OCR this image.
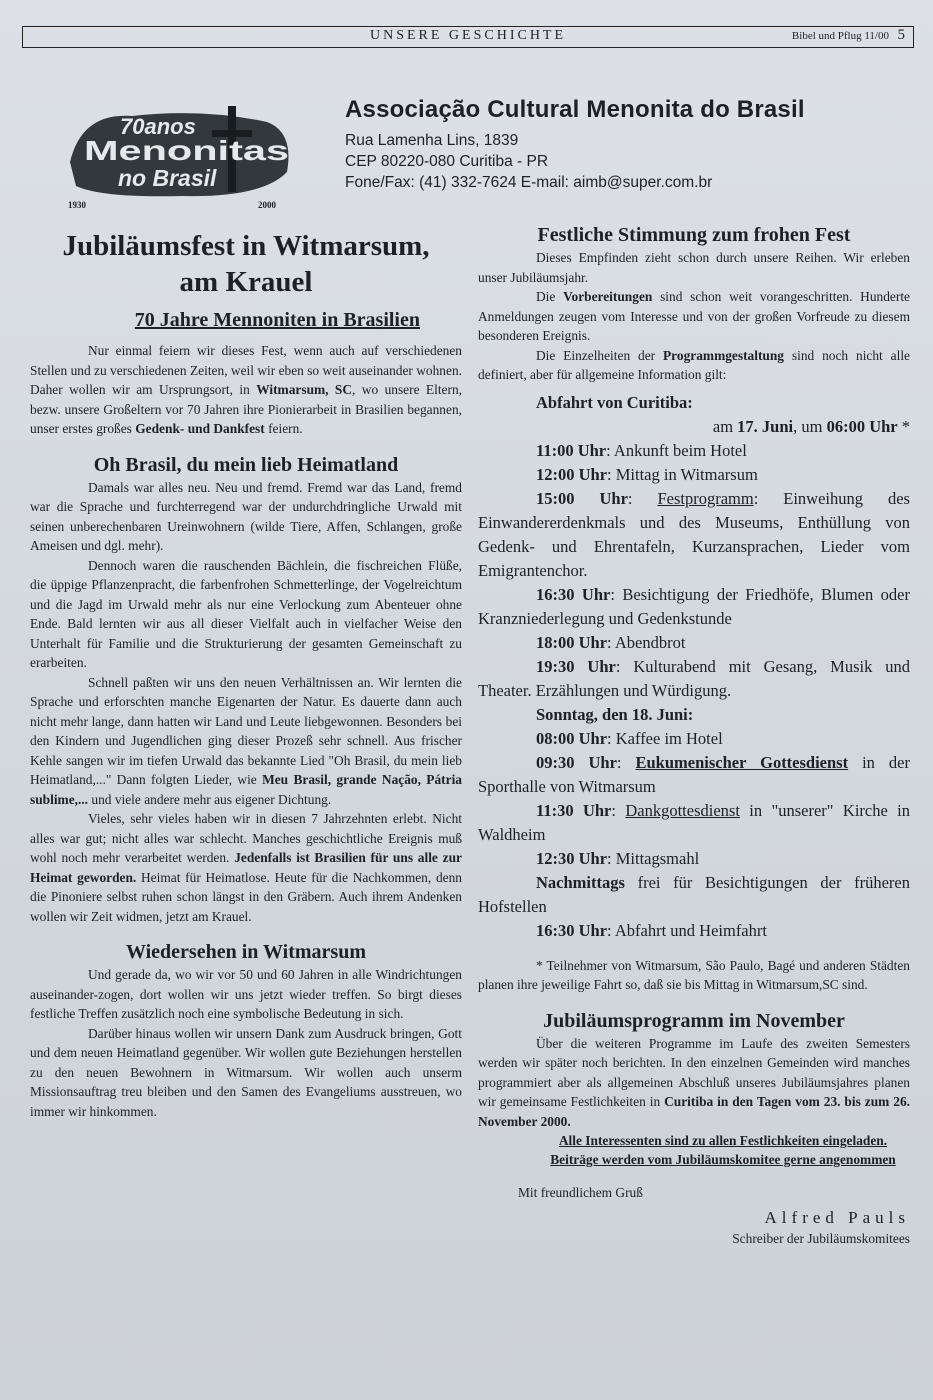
UNSERE GESCHICHTE	Bibel und Pflug 11/00 5
70anos
Menonitas
no Brasil
1930	2000
Associação Cultural Menonita do Brasil
Rua Lamenha Lins, 1839
CEP 80220-080 Curitiba - PR
Fone/Fax: (41) 332-7624 E-mail: aimb@super.com.br
Jubiläumsfest in Witmarsum,
am Krauel
70 Jahre Mennoniten in Brasilien

Nur einmal feiern wir dieses Fest, wenn auch auf verschiedenen Stellen und zu verschiedenen Zeiten, weil wir eben so weit auseinander wohnen. Daher wollen wir am Ursprungsort, in Witmarsum, SC, wo unsere Eltern, bezw. unsere Großeltern vor 70 Jahren ihre Pionierarbeit in Brasilien begannen, unser erstes großes Gedenk- und Dankfest feiern.

Oh Brasil, du mein lieb Heimatland

Damals war alles neu. Neu und fremd. Fremd war das Land, fremd war die Sprache und furchterregend war der undurchdringliche Urwald mit seinen unberechenbaren Ureinwohnern (wilde Tiere, Affen, Schlangen, große Ameisen und dgl. mehr).

Dennoch waren die rauschenden Bächlein, die fischreichen Flüße, die üppige Pflanzenpracht, die farbenfrohen Schmetterlinge, der Vogelreichtum und die Jagd im Urwald mehr als nur eine Verlockung zum Abenteuer ohne Ende. Bald lernten wir aus all dieser Vielfalt auch in vielfacher Weise den Unterhalt für Familie und die Strukturierung der gesamten Gemeinschaft zu erarbeiten.

Schnell paßten wir uns den neuen Verhältnissen an. Wir lernten die Sprache und erforschten manche Eigenarten der Natur. Es dauerte dann auch nicht mehr lange, dann hatten wir Land und Leute liebgewonnen. Besonders bei den Kindern und Jugendlichen ging dieser Prozeß sehr schnell. Aus frischer Kehle sangen wir im tiefen Urwald das bekannte Lied "Oh Brasil, du mein lieb Heimatland,..." Dann folgten Lieder, wie Meu Brasil, grande Nação, Pátria sublime,... und viele andere mehr aus eigener Dichtung.

Vieles, sehr vieles haben wir in diesen 7 Jahrzehnten erlebt. Nicht alles war gut; nicht alles war schlecht. Manches geschichtliche Ereignis muß wohl noch mehr verarbeitet werden. Jedenfalls ist Brasilien für uns alle zur Heimat geworden. Heimat für Heimatlose. Heute für die Nachkommen, denn die Pinoniere selbst ruhen schon längst in den Gräbern. Auch ihrem Andenken wollen wir Zeit widmen, jetzt am Krauel.

Wiedersehen in Witmarsum

Und gerade da, wo wir vor 50 und 60 Jahren in alle Windrichtungen auseinander-zogen, dort wollen wir uns jetzt wieder treffen. So birgt dieses festliche Treffen zusätzlich noch eine symbolische Bedeutung in sich.

Darüber hinaus wollen wir unsern Dank zum Ausdruck bringen, Gott und dem neuen Heimatland gegenüber. Wir wollen gute Beziehungen herstellen zu den neuen Bewohnern in Witmarsum. Wir wollen auch unserm Missionsauftrag treu bleiben und den Samen des Evangeliums ausstreuen, wo immer wir hinkommen.

Festliche Stimmung zum frohen Fest

Dieses Empfinden zieht schon durch unsere Reihen. Wir erleben unser Jubiläumsjahr.

Die Vorbereitungen sind schon weit vorangeschritten. Hunderte Anmeldungen zeugen vom Interesse und von der großen Vorfreude zu diesem besonderen Ereignis.

Die Einzelheiten der Programmgestaltung sind noch nicht alle definiert, aber für allgemeine Information gilt:

Abfahrt von Curitiba:

am 17. Juni, um 06:00 Uhr *

11:00 Uhr: Ankunft beim Hotel

12:00 Uhr: Mittag in Witmarsum

15:00 Uhr: Festprogramm: Einweihung des Einwandererdenkmals und des Museums, Enthüllung von Gedenk- und Ehrentafeln, Kurzansprachen, Lieder vom Emigrantenchor.

16:30 Uhr: Besichtigung der Friedhöfe, Blumen oder Kranzniederlegung und Gedenkstunde

18:00 Uhr: Abendbrot

19:30 Uhr: Kulturabend mit Gesang, Musik und Theater. Erzählungen und Würdigung.

Sonntag, den 18. Juni:

08:00 Uhr: Kaffee im Hotel

09:30 Uhr: Eukumenischer Gottesdienst in der Sporthalle von Witmarsum

11:30 Uhr: Dankgottesdienst in "unserer" Kirche in Waldheim

12:30 Uhr: Mittagsmahl

Nachmittags frei für Besichtigungen der früheren Hofstellen

16:30 Uhr: Abfahrt und Heimfahrt

* Teilnehmer von Witmarsum, São Paulo, Bagé und anderen Städten planen ihre jeweilige Fahrt so, daß sie bis Mittag in Witmarsum,SC sind.

Jubiläumsprogramm im November

Über die weiteren Programme im Laufe des zweiten Semesters werden wir später noch berichten. In den einzelnen Gemeinden wird manches programmiert aber als allgemeinen Abschluß unseres Jubiläumsjahres planen wir gemeinsame Festlichkeiten in Curitiba in den Tagen vom 23. bis zum 26. November 2000.

Alle Interessenten sind zu allen Festlichkeiten eingeladen.

Beiträge werden vom Jubiläumskomitee gerne angenommen

Mit freundlichem Gruß

Alfred Pauls

Schreiber der Jubiläumskomitees
